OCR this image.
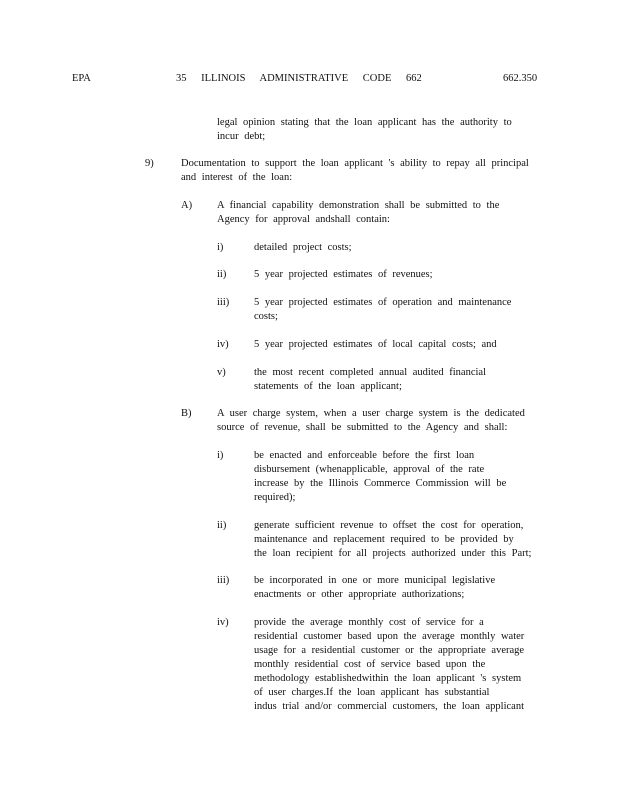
EPA	35 ILLINOIS ADMINISTRATIVE CODE 662	662.350
legal opinion stating that the loan applicant has the authority to
incur debt;
9)	Documentation to support the loan applicant 's ability to repay all principal
and interest of the loan:
A) A financial capability demonstration shall be submitted to the
Agency for approval andshall contain:
i)	detailed project costs;
ii)	5 year projected estimates of revenues;
iii) 5 year projected estimates of operation and maintenance
costs;
iv) 5 year projected estimates of local capital costs; and
v)	the most recent completed annual audited financial
statements of the loan applicant;
B) A user charge system, when a user charge system is the dedicated
source of revenue, shall be submitted to the Agency and shall:
i)	be enacted and enforceable before the first loan
disbursement (whenapplicable, approval of the rate
increase by the Illinois Commerce Commission will be
required);
ii)	generate sufficient revenue to offset the cost for operation,
maintenance and replacement required to be provided by
the loan recipient for all projects authorized under this Part;
iii) be incorporated in one or more municipal legislative
enactments or other appropriate authorizations;
iv) provide the average monthly cost of service for a
residential customer based upon the average monthly water
usage for a residential customer or the appropriate average
monthly residential cost of service based upon the
methodology establishedwithin the loan applicant 's system
of user charges.If the loan applicant has substantial
indus trial and/or commercial customers, the loan applicant
